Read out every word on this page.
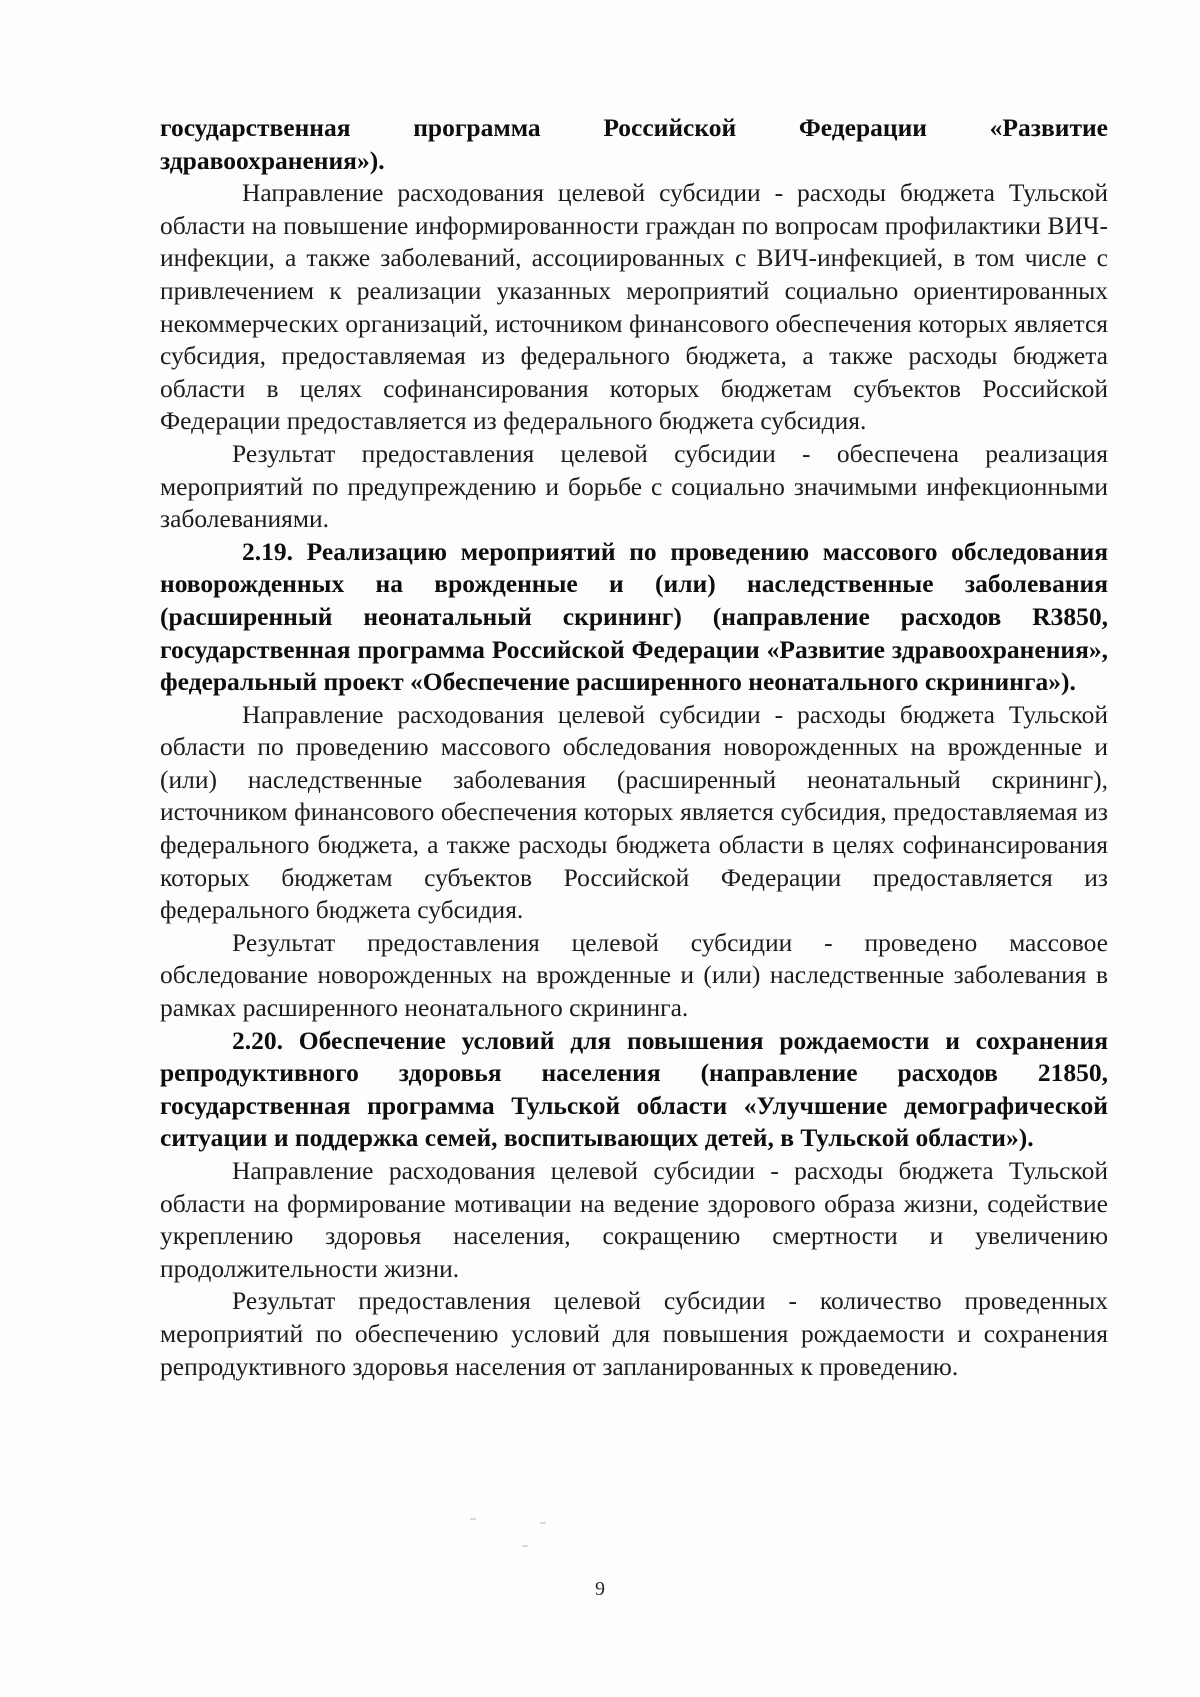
государственная программа Российской Федерации «Развитие здравоохранения»).

Направление расходования целевой субсидии - расходы бюджета Тульской области на повышение информированности граждан по вопросам профилактики ВИЧ-инфекции, а также заболеваний, ассоциированных с ВИЧ-инфекцией, в том числе с привлечением к реализации указанных мероприятий социально ориентированных некоммерческих организаций, источником финансового обеспечения которых является субсидия, предоставляемая из федерального бюджета, а также расходы бюджета области в целях софинансирования которых бюджетам субъектов Российской Федерации предоставляется из федерального бюджета субсидия.

Результат предоставления целевой субсидии - обеспечена реализация мероприятий по предупреждению и борьбе с социально значимыми инфекционными заболеваниями.

2.19. Реализацию мероприятий по проведению массового обследования новорожденных на врожденные и (или) наследственные заболевания (расширенный неонатальный скрининг) (направление расходов R3850, государственная программа Российской Федерации «Развитие здравоохранения», федеральный проект «Обеспечение расширенного неонатального скрининга»).

Направление расходования целевой субсидии - расходы бюджета Тульской области по проведению массового обследования новорожденных на врожденные и (или) наследственные заболевания (расширенный неонатальный скрининг), источником финансового обеспечения которых является субсидия, предоставляемая из федерального бюджета, а также расходы бюджета области в целях софинансирования которых бюджетам субъектов Российской Федерации предоставляется из федерального бюджета субсидия.

Результат предоставления целевой субсидии - проведено массовое обследование новорожденных на врожденные и (или) наследственные заболевания в рамках расширенного неонатального скрининга.

2.20. Обеспечение условий для повышения рождаемости и сохранения репродуктивного здоровья населения (направление расходов 21850, государственная программа Тульской области «Улучшение демографической ситуации и поддержка семей, воспитывающих детей, в Тульской области»).

Направление расходования целевой субсидии - расходы бюджета Тульской области на формирование мотивации на ведение здорового образа жизни, содействие укреплению здоровья населения, сокращению смертности и увеличению продолжительности жизни.

Результат предоставления целевой субсидии - количество проведенных мероприятий по обеспечению условий для повышения рождаемости и сохранения репродуктивного здоровья населения от запланированных к проведению.

9
